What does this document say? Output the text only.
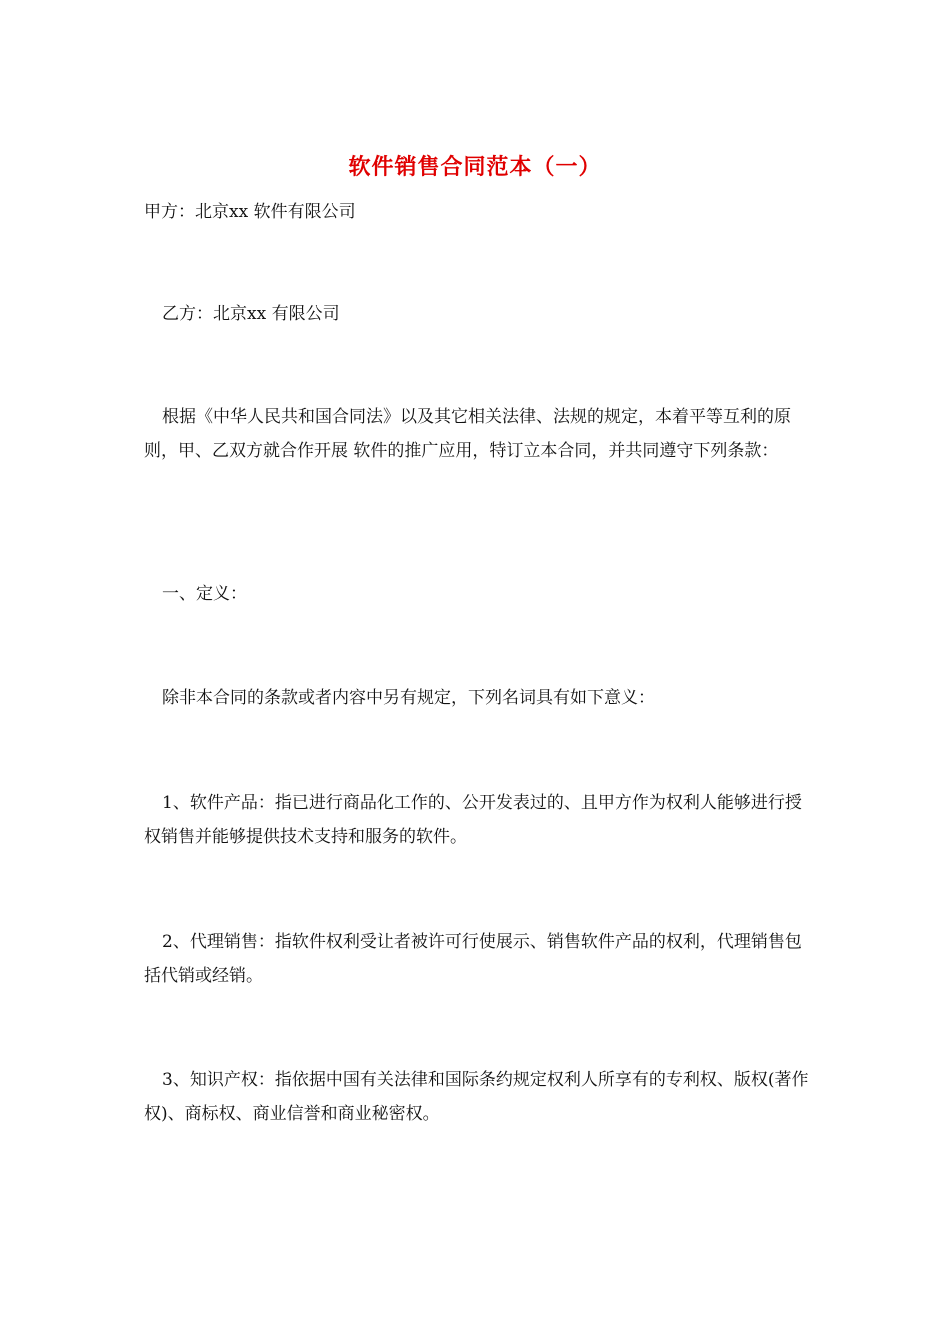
软件销售合同范本（一）
甲方：北京xx 软件有限公司
乙方：北京xx 有限公司
根据《中华人民共和国合同法》以及其它相关法律、法规的规定，本着平等互利的原则，甲、乙双方就合作开展 软件的推广应用，特订立本合同，并共同遵守下列条款：
一、定义：
除非本合同的条款或者内容中另有规定，下列名词具有如下意义：
1、软件产品：指已进行商品化工作的、公开发表过的、且甲方作为权利人能够进行授权销售并能够提供技术支持和服务的软件。
2、代理销售：指软件权利受让者被许可行使展示、销售软件产品的权利，代理销售包括代销或经销。
3、知识产权：指依据中国有关法律和国际条约规定权利人所享有的专利权、版权(著作权)、商标权、商业信誉和商业秘密权。
